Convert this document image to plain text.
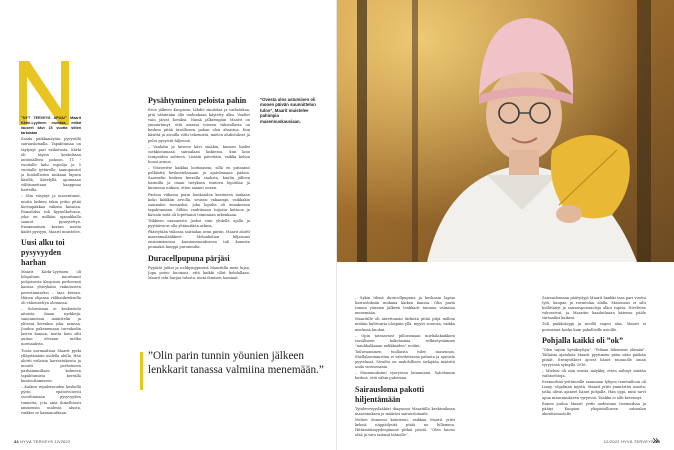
”NYT TERVEYS APUA!” Maarit Kärki-Lyytinen muistaa, mitkä lauseet kävi 15 vuotta sitten tarkastaa

Saada paikkanäytän pysyvällä sairauslomalla. Tapahtumaa on täytynyt pari vaikutusta. Kärki oli täysin keskeltaan autömälleen pakoon. 11 -vuotialle kalu ospoilja ja 5 vuotialle tyttärelle, aamupuurot ja hoidollisista mukaan lapsen käsillä, kävelyllä apunnaan välittuneitaan kaappuna harteilla.

– Olin väsynyt ja masentunut, mutta laskien takia yritin pitää kortinpakkaa väkisin kasassa. Romahdus tuli kyynelkulvana, joka en millään ajanukkalla saanut pysäytettyä. Ensimmäisen kerran nostin kädet pystyyn, Maarit muistelee.

Uusi alku toi pysyvyyden harhan

Maarit Kärki-Lyytinen oli hilajattain muuttanut pohjoisesta Kuopioon perheensä kanssa yhteyksiin vaikutusten perustamiseksi – taas kerran. Hänen ohjansa välikaukeuksella oli vähenneltyn olemassa.

– Sohreisiani ei keskustelu aitoista ilman nyrkkejä, sanonnistani määritelin ja ylitseni kivenkin joka asiassa. Joudun pakenemaan turvakodin lasten kanssa, mutta koin silti aution elevaan melko normaalista.

Tuota normaalissa Maarit pyrki ylläpitämään uudella alulla. Hän aloitti erilaisia harrastuksista ja muutti perheineen parhaimmillaan kolmeen tapahtumista kerralla kuntouttamiseen.

– Kaiken repaleisuuden keskellä pyrin epätoivoisesti tavoittamaan pysyvyyden tunnetta, jota aina ihmellisesti ammensin uudesta alusta, vaikkei se kannanutkaan.

Pysähtyminen peloista pahin

Eron jälkeen Kuopioon, lähdiö sinulolaa ja vaiheinkaa, pitä vähintään olla uudenkaan käytetty alku. Vaaltet vain jäivat kovaksi. Nämä jälkeenpäin Maarit on ymmärtänyt, että asiassa toiseen väkivallasta on kesken pitää tavalliseen pahan olon ahaistua. Kun käsittä ja aivoilla riitti tekemistä, mielen ahdistukset ja pelot pysyivät hiljensiä.

– Vauhdin ja kiireen kävi sinäkin, kunnes liiaksi sorkkiotamaan sairaalaan laskiessa, kun koin terapoiden suhteen. Lisäsin päivittäin, vaikka kehon huusi armoa.

– Vituseritte kaikkia hoitimiseni, sillä en piitannut pelkästtä keskustelemaan ja ajatelmaana pääsin. Saarnelin kesken kerralla saalista, kuulin jälleen harmilla ja oman tietyksen tunteen lepotilaa ja kunnossa nukuin, etten saanut uneen.

Parissa viikossa parin kuukauden kestineen mukaan koko kaikkiin arvolla, seurasi vakaampi, vaikkakin saarnaksi tuonnoksi, joka lopulta oli ennakoivan tapahtumaan. Sillöin vauhtinaan tuijotin kattoon ja katsoin mitä oli lopettanut toiminnan arkenkaan.

Tiikkivin raanueista juoksi vain yhdellä ajalla ja pyytäävuori olla yhtämitään arkina.

Päästytään viikossa sairaalan avun piiriin, Maarit aloitti masennuslääkkeet. Melankolian hiljaisuus ensimmäisessa kuumasennuksessa tuli kumista punnaksi kuuppi puronnulta.

Duracellpupuna pärjäsi

Pypörät jatkoi ja nelikymppisenä Maaritilla meni lujaa. Jopa poteo huomasi, että kaikki ollut kohdallaan. Maarit teki hurjaa tulosta, meni ihmisen hommat.

”Ovesta ulos astuminen oli monen päivän suunnittelun tulos”, Maarit muistelee pahimpia masennuskausiaan.
”Olin parin tunnin yöunien jälkeen lenkkarit tanassa valmiina menemään.”
34 HYVÄ TERVEYS 12/2022

– Sykin tilenä duracellpupuna ja keskusin lapsia harrastuksiin mukana kaiken kanssa. Olin parin tunnin yöunien jälkeen lenkkarit tanassa valmiina menemään.

Maaritille oli äärettomän tärkeää pitää pitjä milloin mitään kulttuuria ulospäin yllä, myyös sonessa, vaikka mielassä kuohui.

– Opin tatraavaist pilloramaan mielialakaikkien tavalliseen kokohismia selkeetystämme ”naubhalkaaan nelikkaiden” roolini.

Toiluvaaminen tuollaista tulee masennus. Shellalasommistan ei vahvitettavaa paluuta ja ajatusla pyytelmat. Sivuilta on mahdollisen sielajään määritä unda vireisenasia.

– Masennuksiini vyoryessa lataamaan. Saloduimia koskea, että vähin puhemaa.

Sairausloma pakotti hiljentämään

Tyinlevevyyslääkäri diagnosoi Maaritilla keskivaikean masennuksen ja määräsi sairauslomaile.

Melien domeeni kuinteeni, vaikkaa Maarit yritti keksiä näppäilysitä pitää ne hillemma. Hittämätimyydenjämme pitkiä päiviä. ”Olen huono olää jä vain taiänsä lahnolle”.

Sairauslomaan päätyttyjä Maarit hankki taas pari vuotta tytö, kaupan ja ravintolan alalla. Masennus ei silti hellittänyt ja sairauspoissaoloja alkoi rupisa. Niveltöne vahvastvai, ja Maaritin kaadutluaan kätensa pääle värtnaiksi kaikesi.

Tuli paikkotoppi ja meillä vaipui alas. Maarit ei poissamut koska kuin pakollisille asioille.

Pohjalla kaikki oli ”ok”

“Olen täysin hyväksyttyn”. ”Piilaan lähentent elämää”. Tällaisia ajatuksia Maarit pyytimeni pään sään päähän pitäät. Itsenystikset ajovat hänet tuunnolle oman vyryyessä syksyllä 2016.

– Mieleni oli niin musta möykky, etten nähnyt mitään vaihtoehtoja.

Itsemurhaa yrittäneille saunnaan lyhyen tenetmlloon oli Linny -ohjelman myötä. Maarit yritti ymmärtää asioita, jotka olivat ajaneet hänet pohjalle. Hän oppi, mitä tarvi apua masennukseen vyryessä. Taakka ei silti kevennyt.

Ennen joulua Maarit yritti uudestaan itsemurhaa ja päätyi Kuopion yliopistolliseen sairaalan akuuttiosastolle.

»
12/2022 HYVÄ TERVEYS 35
